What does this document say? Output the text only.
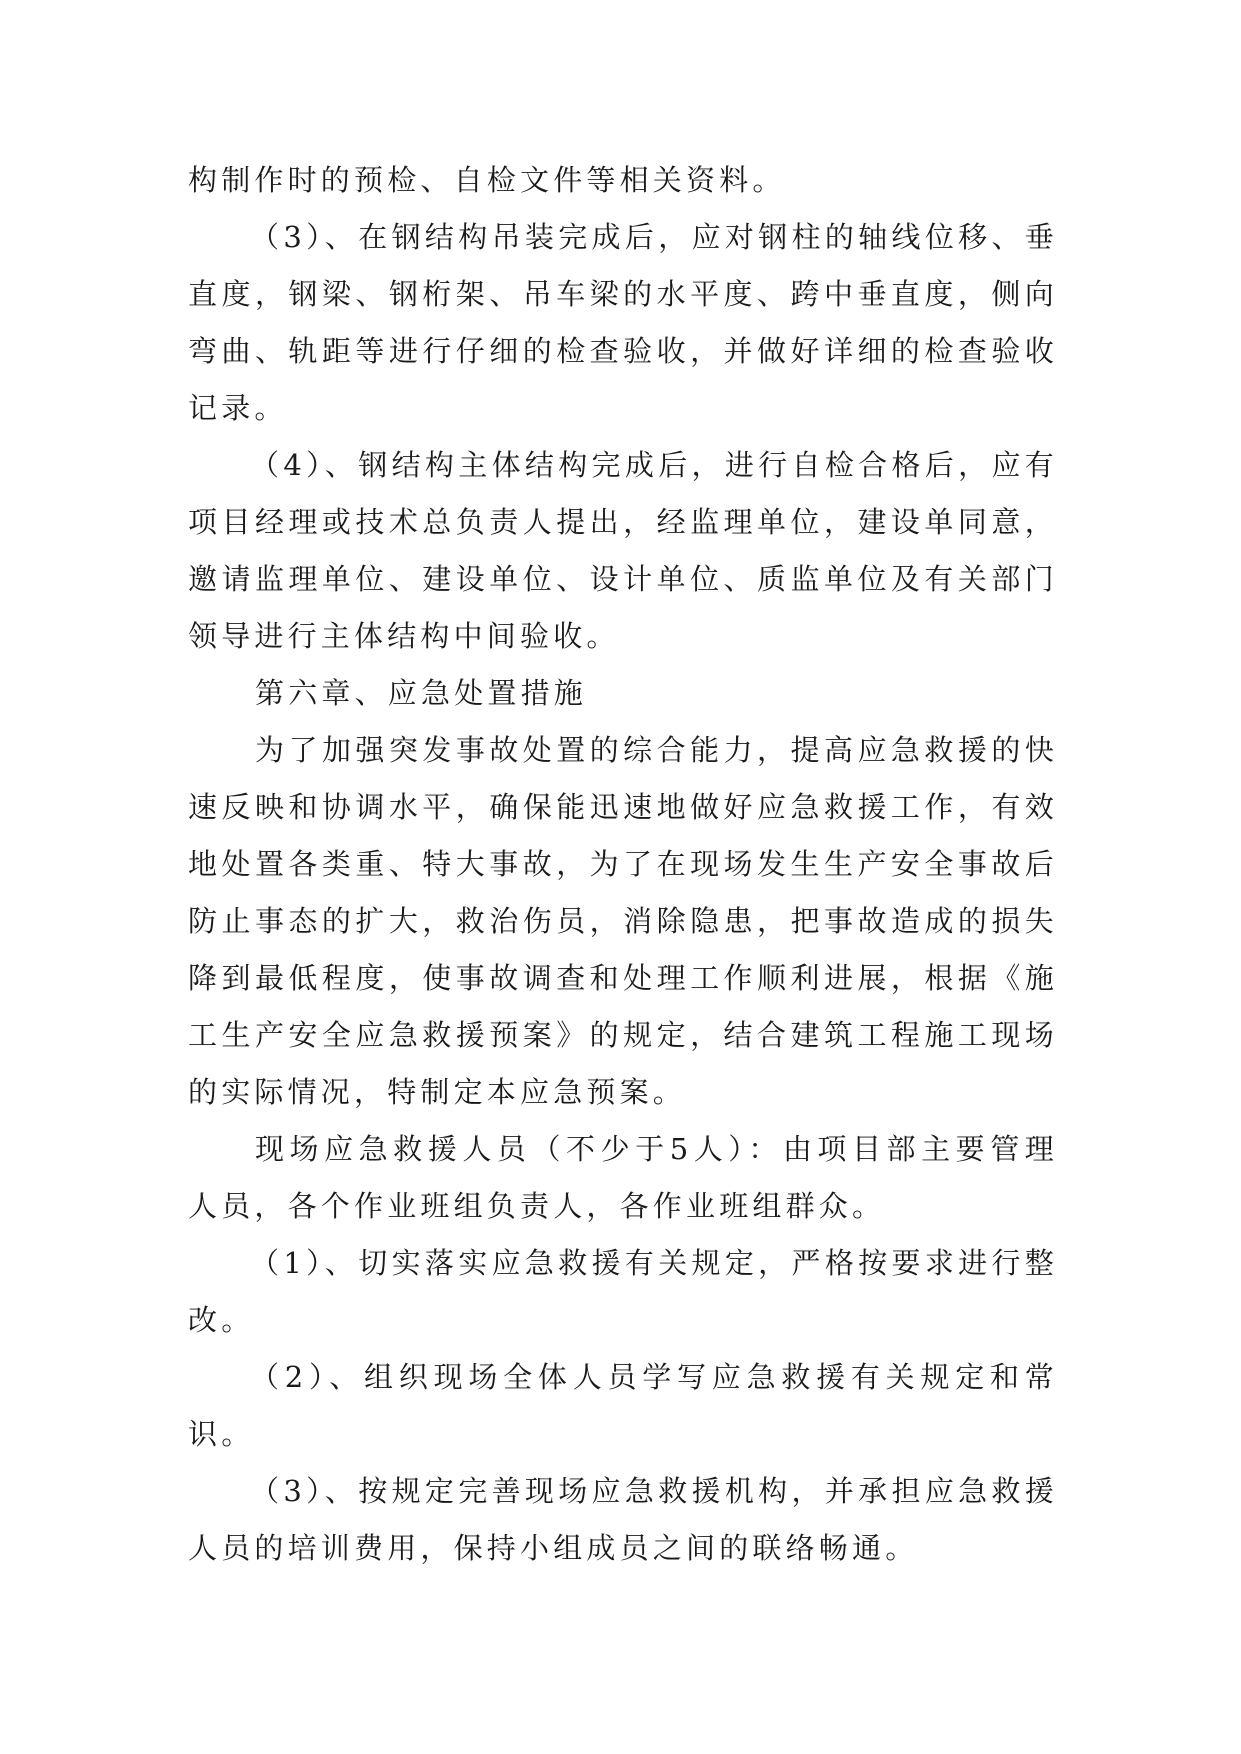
构制作时的预检、自检文件等相关资料。

（3）、在钢结构吊装完成后，应对钢柱的轴线位移、垂直度，钢梁、钢桁架、吊车梁的水平度、跨中垂直度，侧向弯曲、轨距等进行仔细的检查验收，并做好详细的检查验收记录。

（4）、钢结构主体结构完成后，进行自检合格后，应有项目经理或技术总负责人提出，经监理单位，建设单同意，邀请监理单位、建设单位、设计单位、质监单位及有关部门领导进行主体结构中间验收。

第六章、应急处置措施

为了加强突发事故处置的综合能力，提高应急救援的快速反映和协调水平，确保能迅速地做好应急救援工作，有效地处置各类重、特大事故，为了在现场发生生产安全事故后防止事态的扩大，救治伤员，消除隐患，把事故造成的损失降到最低程度，使事故调查和处理工作顺利进展，根据《施工生产安全应急救援预案》的规定，结合建筑工程施工现场的实际情况，特制定本应急预案。

现场应急救援人员（不少于5人）：由项目部主要管理人员，各个作业班组负责人，各作业班组群众。

（1）、切实落实应急救援有关规定，严格按要求进行整改。

（2）、组织现场全体人员学写应急救援有关规定和常识。

（3）、按规定完善现场应急救援机构，并承担应急救援人员的培训费用，保持小组成员之间的联络畅通。
